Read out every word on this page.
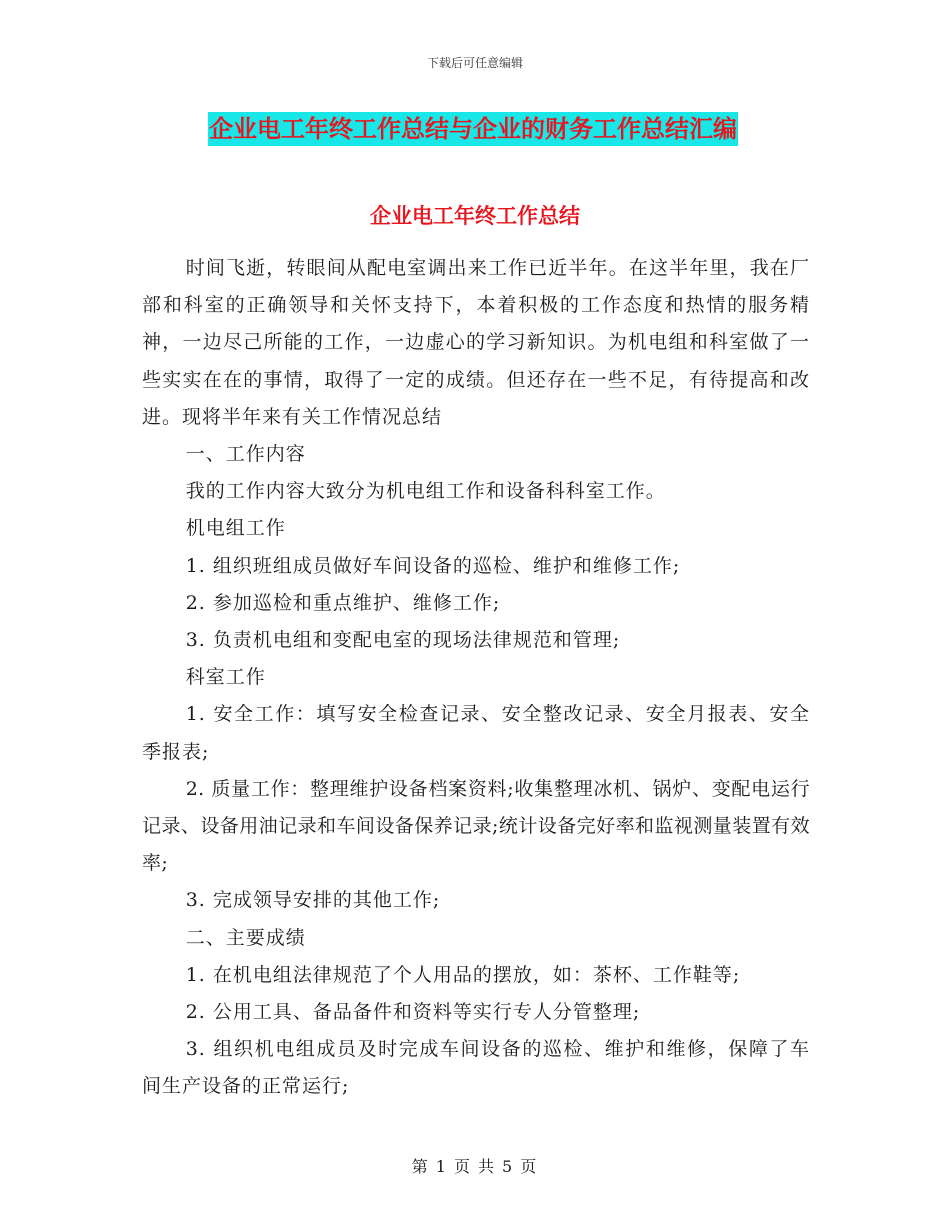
下载后可任意编辑
企业电工年终工作总结与企业的财务工作总结汇编
企业电工年终工作总结

时间飞逝，转眼间从配电室调出来工作已近半年。在这半年里，我在厂部和科室的正确领导和关怀支持下，本着积极的工作态度和热情的服务精神，一边尽己所能的工作，一边虚心的学习新知识。为机电组和科室做了一些实实在在的事情，取得了一定的成绩。但还存在一些不足，有待提高和改进。现将半年来有关工作情况总结

一、工作内容

我的工作内容大致分为机电组工作和设备科科室工作。

机电组工作

1. 组织班组成员做好车间设备的巡检、维护和维修工作;

2. 参加巡检和重点维护、维修工作;

3. 负责机电组和变配电室的现场法律规范和管理;

科室工作

1. 安全工作：填写安全检查记录、安全整改记录、安全月报表、安全季报表;

2. 质量工作：整理维护设备档案资料;收集整理冰机、锅炉、变配电运行记录、设备用油记录和车间设备保养记录;统计设备完好率和监视测量装置有效率;

3. 完成领导安排的其他工作;

二、主要成绩

1. 在机电组法律规范了个人用品的摆放，如：茶杯、工作鞋等;

2. 公用工具、备品备件和资料等实行专人分管整理;

3. 组织机电组成员及时完成车间设备的巡检、维护和维修，保障了车间生产设备的正常运行;

第 1 页 共 5 页
